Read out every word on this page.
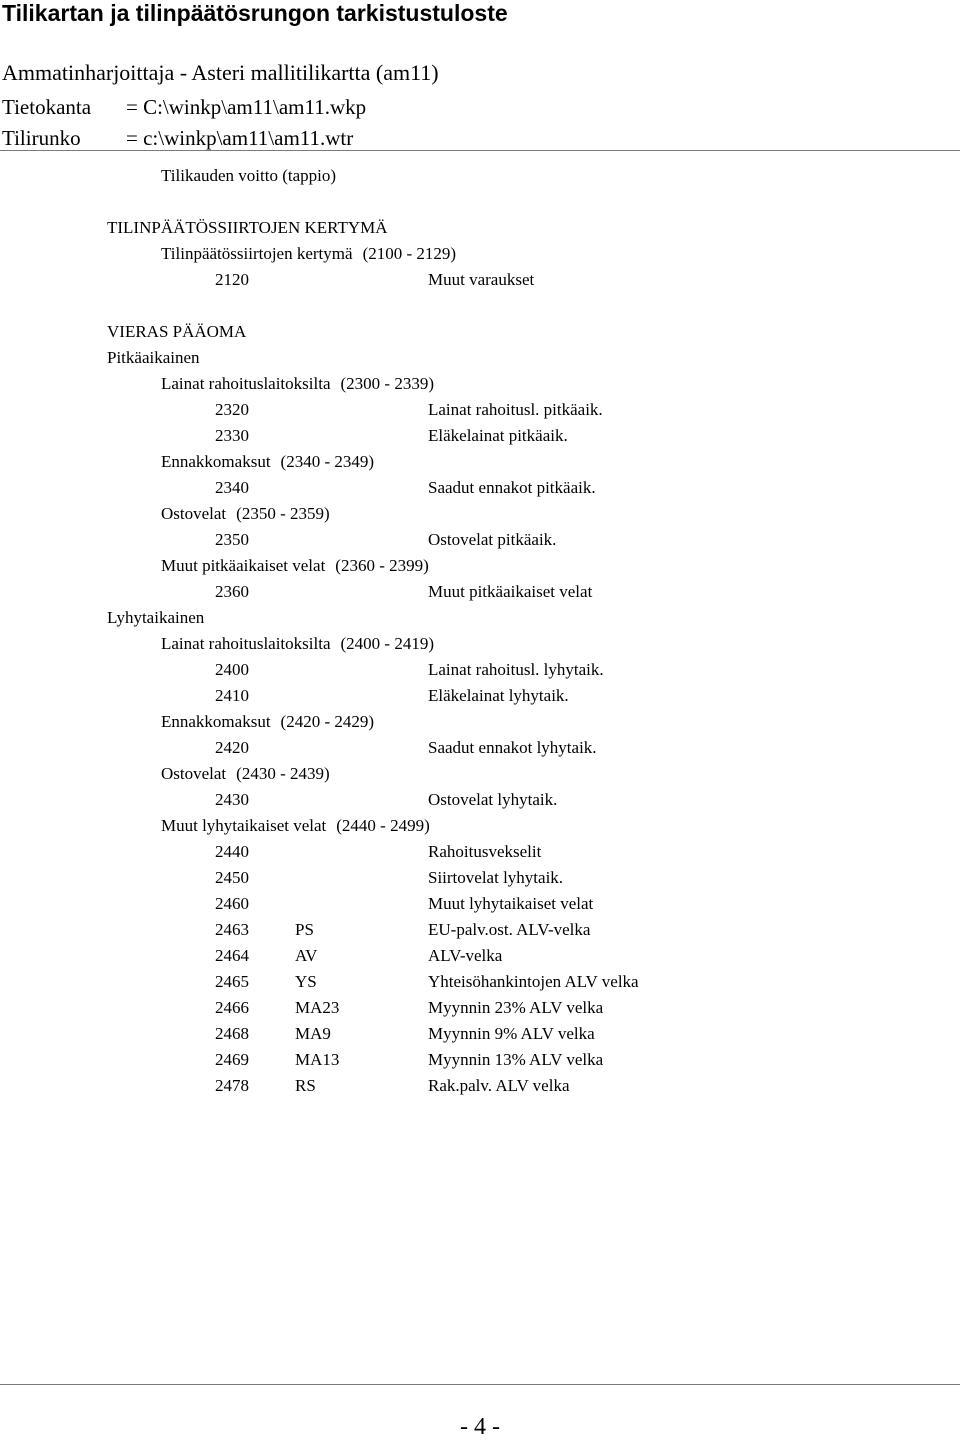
Tilikartan ja tilinpäätösrungon tarkistustuloste
Ammatinharjoittaja - Asteri mallitilikartta (am11)
Tietokanta = C:\winkp\am11\am11.wkp
Tilirunko = c:\winkp\am11\am11.wtr
Tilikauden voitto (tappio)
TILINPÄÄTÖSSIIRTOJEN KERTYMÄ
Tilinpäätössiirtojen kertymä (2100 - 2129)
2120	Muut varaukset
VIERAS PÄÄOMA
Pitkäaikainen
Lainat rahoituslaitoksilta (2300 - 2339)
2320	Lainat rahoitusl. pitkäaik.
2330	Eläkelainat pitkäaik.
Ennakkomaksut (2340 - 2349)
2340	Saadut ennakot pitkäaik.
Ostovelat (2350 - 2359)
2350	Ostovelat pitkäaik.
Muut pitkäaikaiset velat (2360 - 2399)
2360	Muut pitkäaikaiset velat
Lyhytaikainen
Lainat rahoituslaitoksilta (2400 - 2419)
2400	Lainat rahoitusl. lyhytaik.
2410	Eläkelainat lyhytaik.
Ennakkomaksut (2420 - 2429)
2420	Saadut ennakot lyhytaik.
Ostovelat (2430 - 2439)
2430	Ostovelat lyhytaik.
Muut lyhytaikaiset velat (2440 - 2499)
2440	Rahoitusvekselit
2450	Siirtovelat lyhytaik.
2460	Muut lyhytaikaiset velat
2463	PS	EU-palv.ost. ALV-velka
2464	AV	ALV-velka
2465	YS	Yhteisöhankintojen ALV velka
2466	MA23	Myynnin 23% ALV velka
2468	MA9	Myynnin 9% ALV velka
2469	MA13	Myynnin 13% ALV velka
2478	RS	Rak.palv. ALV velka
- 4 -
